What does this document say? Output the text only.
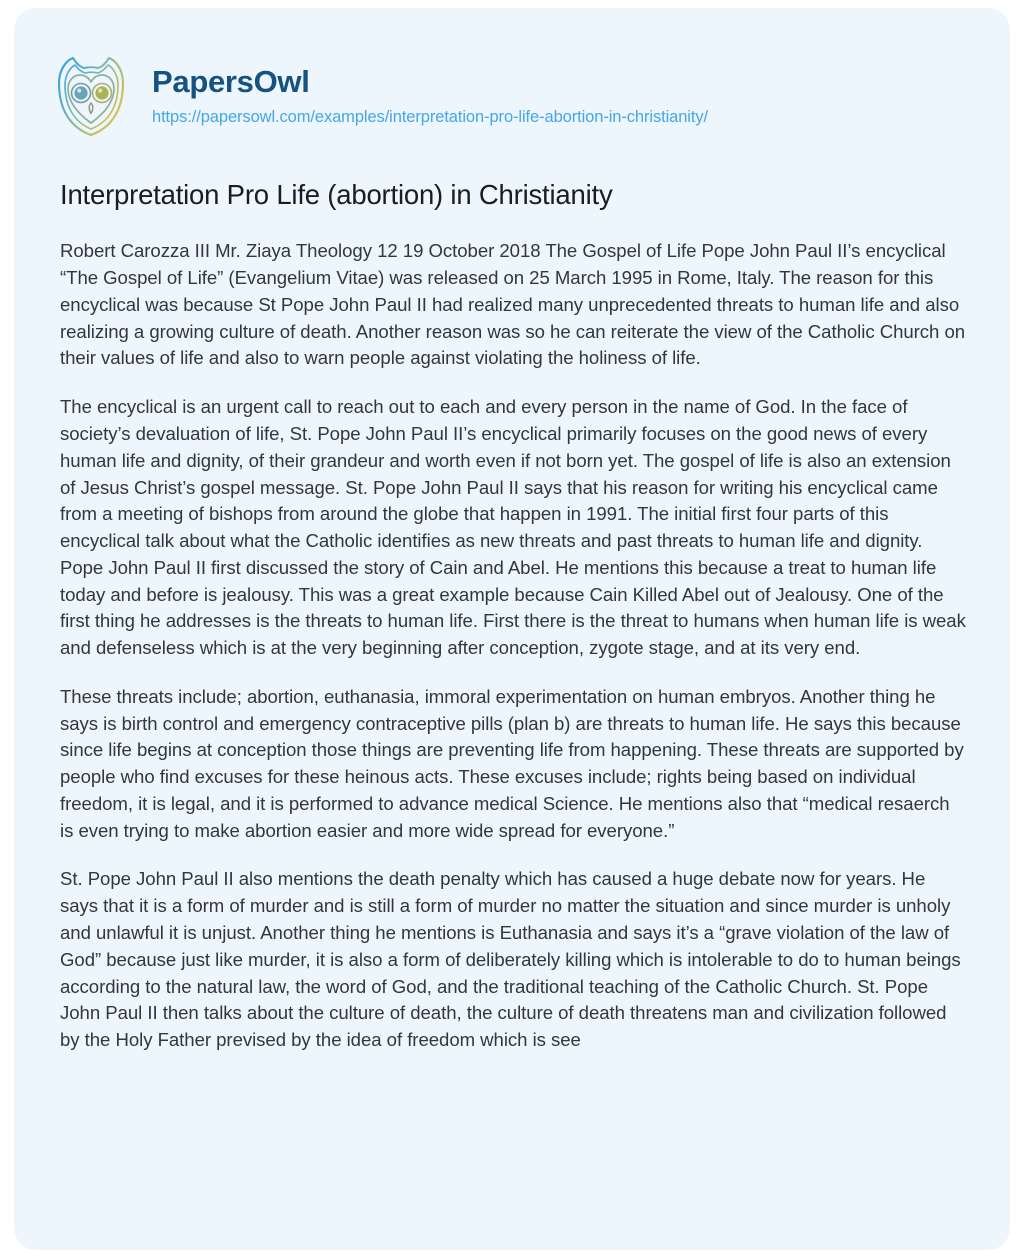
PapersOwl
https://papersowl.com/examples/interpretation-pro-life-abortion-in-christianity/
Interpretation Pro Life (abortion) in Christianity

Robert Carozza III Mr. Ziaya Theology 12 19 October 2018 The Gospel of Life Pope John Paul II’s encyclical “The Gospel of Life” (Evangelium Vitae) was released on 25 March 1995 in Rome, Italy. The reason for this encyclical was because St Pope John Paul II had realized many unprecedented threats to human life and also realizing a growing culture of death. Another reason was so he can reiterate the view of the Catholic Church on their values of life and also to warn people against violating the holiness of life.

The encyclical is an urgent call to reach out to each and every person in the name of God. In the face of society’s devaluation of life, St. Pope John Paul II’s encyclical primarily focuses on the good news of every human life and dignity, of their grandeur and worth even if not born yet. The gospel of life is also an extension of Jesus Christ’s gospel message. St. Pope John Paul II says that his reason for writing his encyclical came from a meeting of bishops from around the globe that happen in 1991. The initial first four parts of this encyclical talk about what the Catholic identifies as new threats and past threats to human life and dignity. Pope John Paul II first discussed the story of Cain and Abel. He mentions this because a treat to human life today and before is jealousy. This was a great example because Cain Killed Abel out of Jealousy. One of the first thing he addresses is the threats to human life. First there is the threat to humans when human life is weak and defenseless which is at the very beginning after conception, zygote stage, and at its very end.

These threats include; abortion, euthanasia, immoral experimentation on human embryos. Another thing he says is birth control and emergency contraceptive pills (plan b) are threats to human life. He says this because since life begins at conception those things are preventing life from happening. These threats are supported by people who find excuses for these heinous acts. These excuses include; rights being based on individual freedom, it is legal, and it is performed to advance medical Science. He mentions also that “medical resaerch is even trying to make abortion easier and more wide spread for everyone.”

St. Pope John Paul II also mentions the death penalty which has caused a huge debate now for years. He says that it is a form of murder and is still a form of murder no matter the situation and since murder is unholy and unlawful it is unjust. Another thing he mentions is Euthanasia and says it’s a “grave violation of the law of God” because just like murder, it is also a form of deliberately killing which is intolerable to do to human beings according to the natural law, the word of God, and the traditional teaching of the Catholic Church. St. Pope John Paul II then talks about the culture of death, the culture of death threatens man and civilization followed by the Holy Father prevised by the idea of freedom which is see
